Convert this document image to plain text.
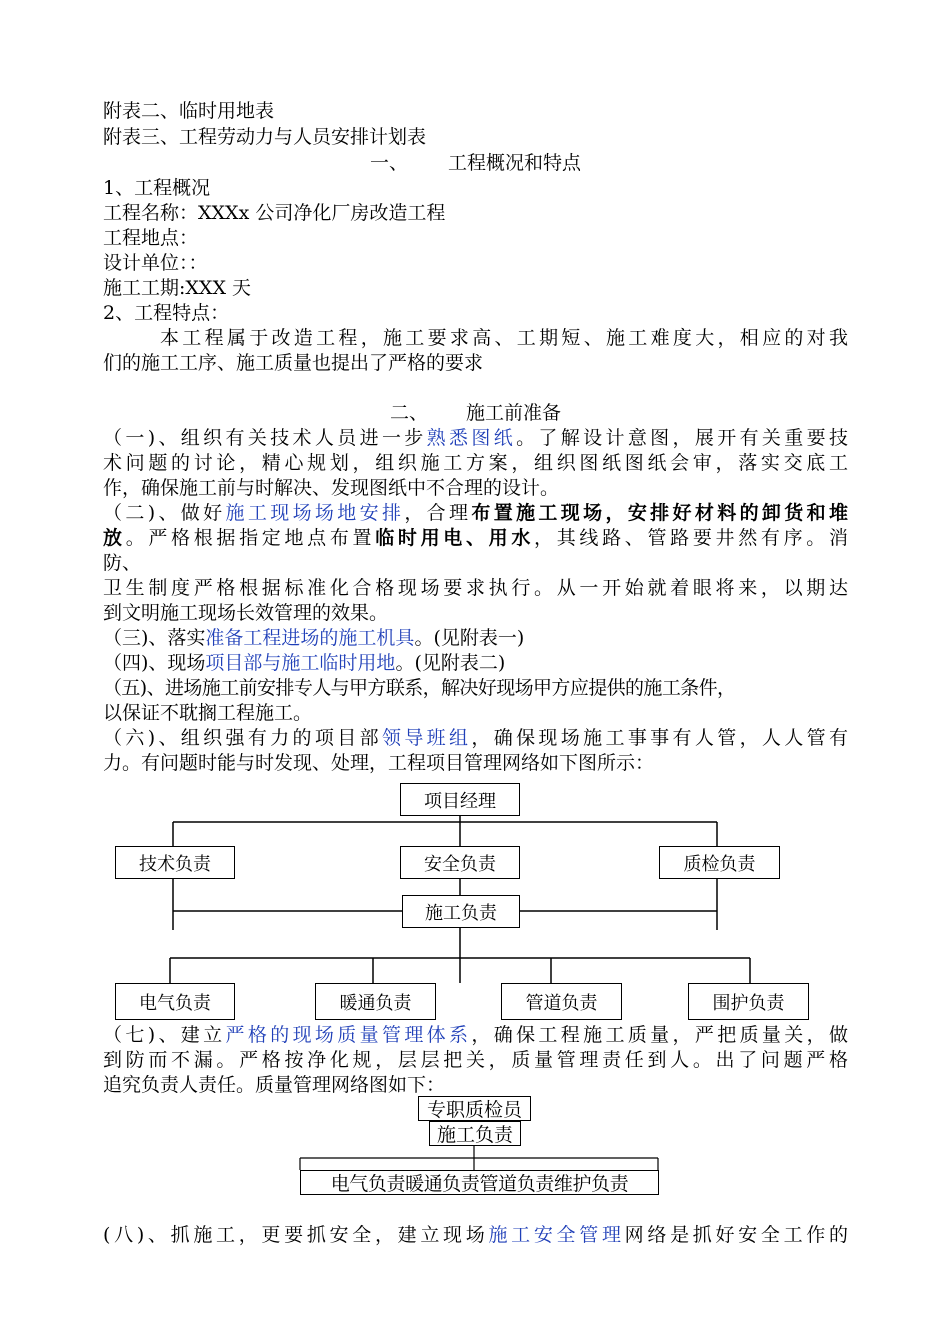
附表二、临时用地表
附表三、工程劳动力与人员安排计划表
一、 工程概况和特点
1、工程概况
工程名称：XXXx 公司净化厂房改造工程
工程地点：
设计单位：：
施工工期:XXX 天
2、工程特点：
本工程属于改造工程，施工要求高、工期短、施工难度大，相应的对我
们的施工工序、施工质量也提出了严格的要求
二、 施工前准备
（一)、组织有关技术人员进一步熟悉图纸。了解设计意图，展开有关重要技
术问题的讨论，精心规划，组织施工方案，组织图纸图纸会审，落实交底工
作，确保施工前与时解决、发现图纸中不合理的设计。
（二)、做好施工现场场地安排，合理布置施工现场，安排好材料的卸货和堆
放。严格根据指定地点布置临时用电、用水，其线路、管路要井然有序。消
防、
卫生制度严格根据标准化合格现场要求执行。从一开始就着眼将来，以期达
到文明施工现场长效管理的效果。
（三)、落实准备工程进场的施工机具。(见附表一)
（四)、现场项目部与施工临时用地。(见附表二)
（五)、进场施工前安排专人与甲方联系，解决好现场甲方应提供的施工条件，
以保证不耽搁工程施工。
（六)、组织强有力的项目部领导班组，确保现场施工事事有人管，人人管有
力。有问题时能与时发现、处理，工程项目管理网络如下图所示：
项目经理
技术负责	安全负责	质检负责
施工负责
电气负责	暖通负责	管道负责	围护负责
（七)、建立严格的现场质量管理体系，确保工程施工质量，严把质量关，做
到防而不漏。严格按净化规，层层把关，质量管理责任到人。出了问题严格
追究负责人责任。质量管理网络图如下：
专职质检员
施工负责
电气负责暖通负责管道负责维护负责
(八)、抓施工，更要抓安全，建立现场施工安全管理网络是抓好安全工作的
